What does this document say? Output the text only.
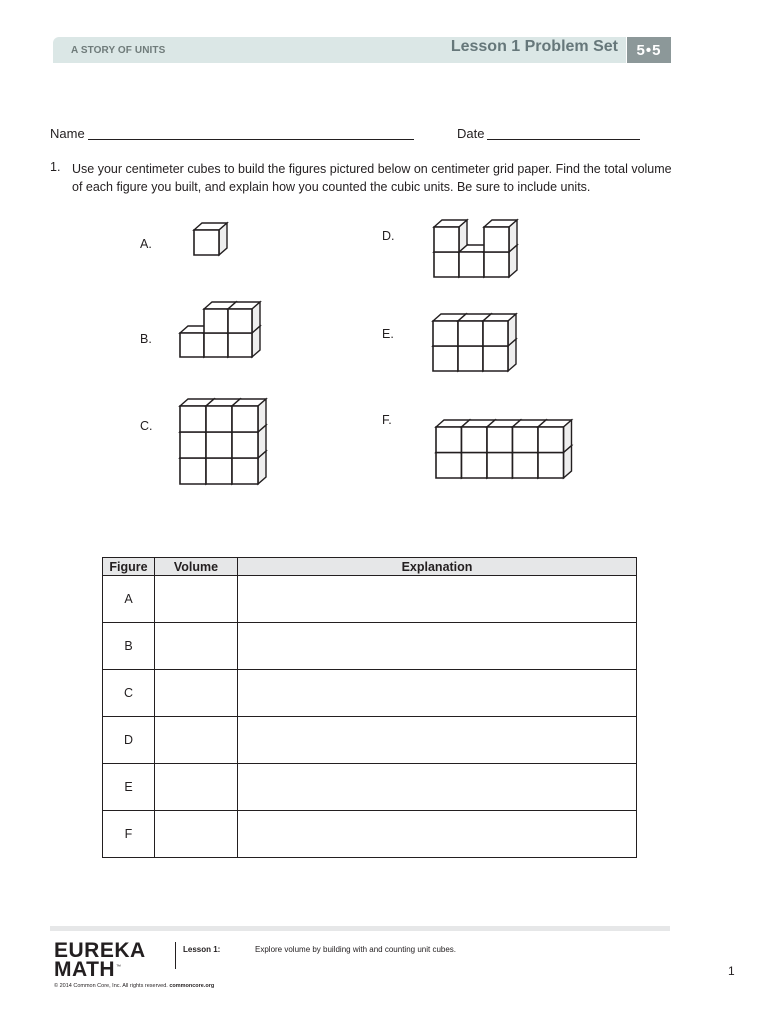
A STORY OF UNITS	Lesson 1 Problem Set	5•5
Name	Date
1. Use your centimeter cubes to build the figures pictured below on centimeter grid paper. Find the total volume of each figure you built, and explain how you counted the cubic units. Be sure to include units.
A.
B.
C.
D.
E.
F.
Figure	Volume	Explanation
A		
B		
C		
D		
E		
F		
EUREKA
MATH ™
Lesson 1:	Explore volume by building with and counting unit cubes.
© 2014 Common Core, Inc. All rights reserved. commoncore.org
1
